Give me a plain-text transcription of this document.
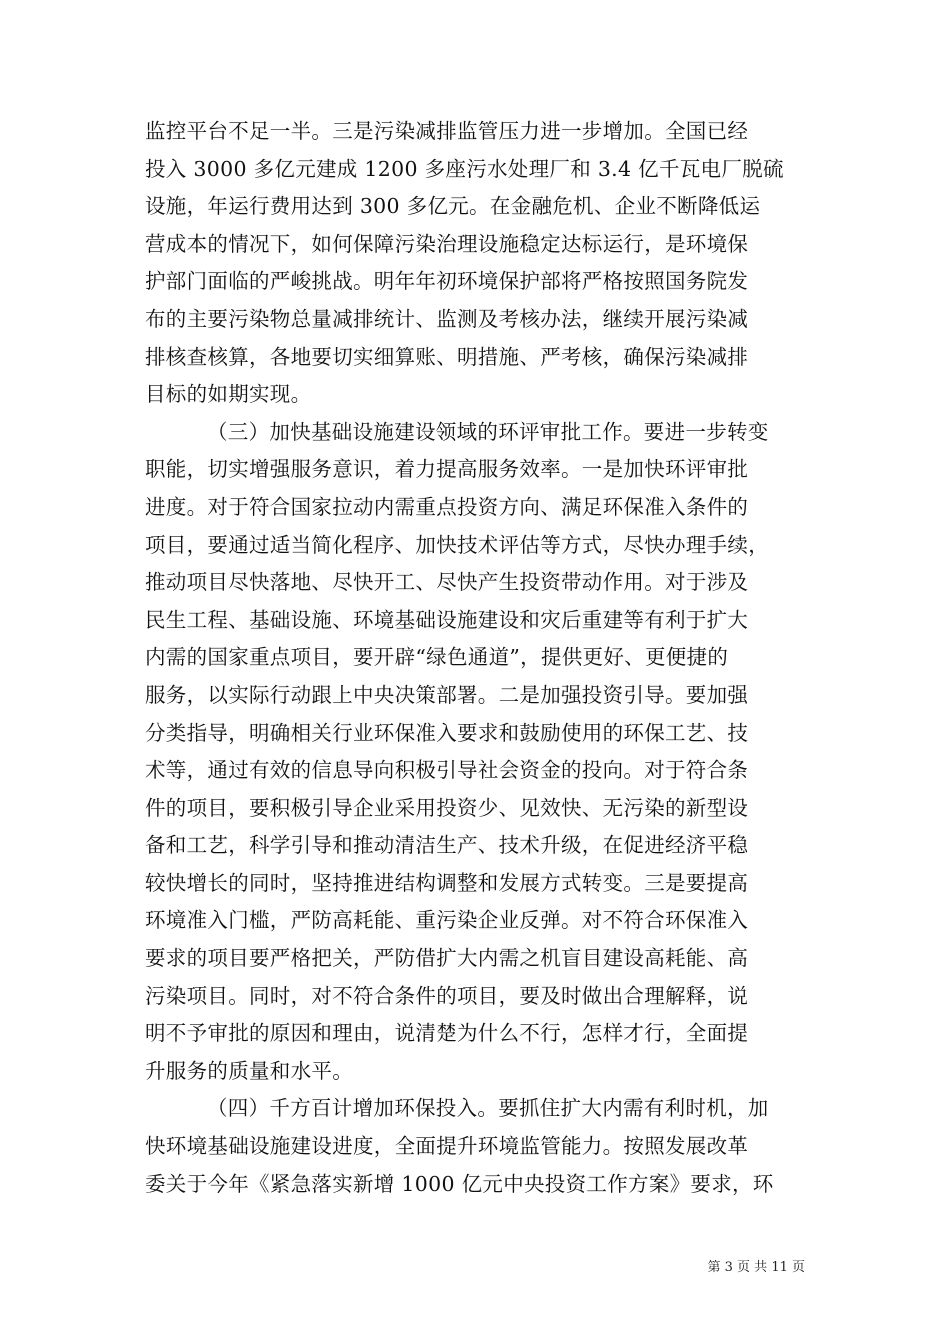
监控平台不足一半。三是污染减排监管压力进一步增加。全国已经
投入 3000 多亿元建成 1200 多座污水处理厂和 3.4 亿千瓦电厂脱硫
设施，年运行费用达到 300 多亿元。在金融危机、企业不断降低运
营成本的情况下，如何保障污染治理设施稳定达标运行，是环境保
护部门面临的严峻挑战。明年年初环境保护部将严格按照国务院发
布的主要污染物总量减排统计、监测及考核办法，继续开展污染减
排核查核算，各地要切实细算账、明措施、严考核，确保污染减排
目标的如期实现。
（三）加快基础设施建设领域的环评审批工作。要进一步转变
职能，切实增强服务意识，着力提高服务效率。一是加快环评审批
进度。对于符合国家拉动内需重点投资方向、满足环保准入条件的
项目，要通过适当简化程序、加快技术评估等方式，尽快办理手续，
推动项目尽快落地、尽快开工、尽快产生投资带动作用。对于涉及
民生工程、基础设施、环境基础设施建设和灾后重建等有利于扩大
内需的国家重点项目，要开辟“绿色通道”，提供更好、更便捷的
服务，以实际行动跟上中央决策部署。二是加强投资引导。要加强
分类指导，明确相关行业环保准入要求和鼓励使用的环保工艺、技
术等，通过有效的信息导向积极引导社会资金的投向。对于符合条
件的项目，要积极引导企业采用投资少、见效快、无污染的新型设
备和工艺，科学引导和推动清洁生产、技术升级，在促进经济平稳
较快增长的同时，坚持推进结构调整和发展方式转变。三是要提高
环境准入门槛，严防高耗能、重污染企业反弹。对不符合环保准入
要求的项目要严格把关，严防借扩大内需之机盲目建设高耗能、高
污染项目。同时，对不符合条件的项目，要及时做出合理解释，说
明不予审批的原因和理由，说清楚为什么不行，怎样才行，全面提
升服务的质量和水平。
（四）千方百计增加环保投入。要抓住扩大内需有利时机，加
快环境基础设施建设进度，全面提升环境监管能力。按照发展改革
委关于今年《紧急落实新增 1000 亿元中央投资工作方案》要求，环
第 3 页 共 11 页
